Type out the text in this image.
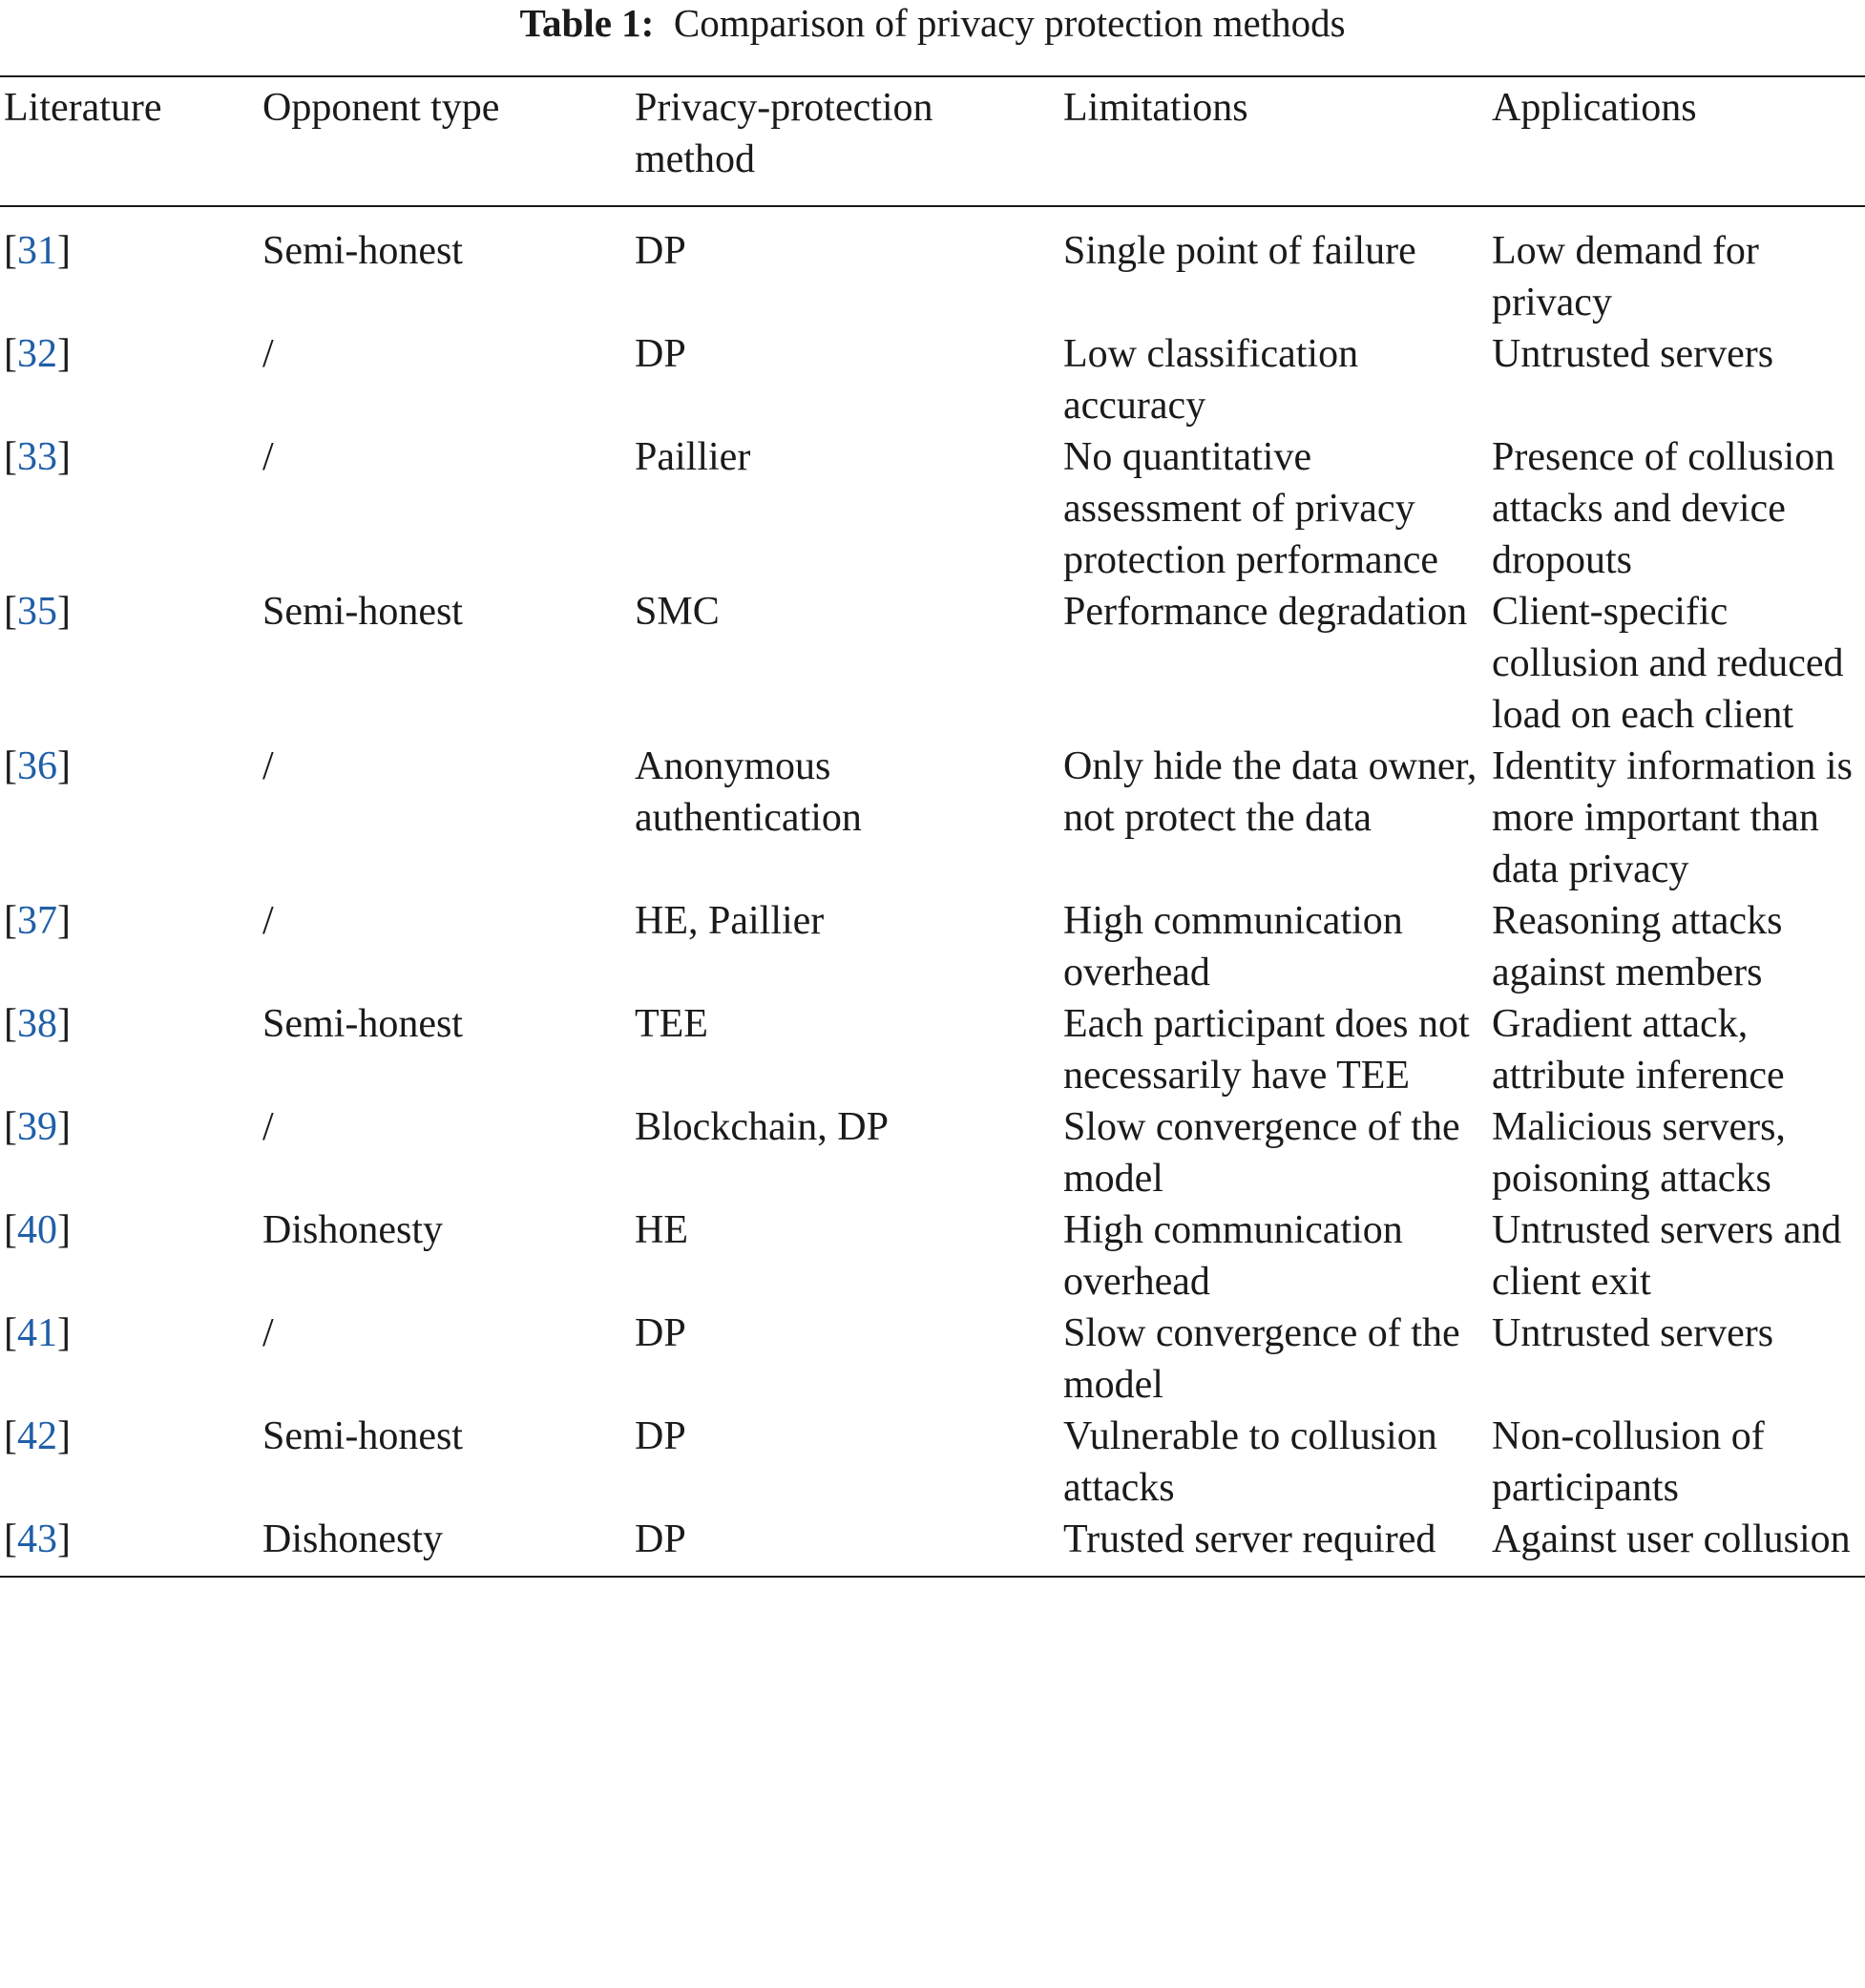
Table 1: Comparison of privacy protection methods
Literature	Opponent type	Privacy-protection method	Limitations	Applications
[31]	Semi-honest	DP	Single point of failure	Low demand for privacy
[32]	/	DP	Low classification accuracy	Untrusted servers
[33]	/	Paillier	No quantitative assessment of privacy protection performance	Presence of collusion attacks and device dropouts
[35]	Semi-honest	SMC	Performance degradation	Client-specific collusion and reduced load on each client
[36]	/	Anonymous authentication	Only hide the data owner, not protect the data	Identity information is more important than data privacy
[37]	/	HE, Paillier	High communication overhead	Reasoning attacks against members
[38]	Semi-honest	TEE	Each participant does not necessarily have TEE	Gradient attack, attribute inference
[39]	/	Blockchain, DP	Slow convergence of the model	Malicious servers, poisoning attacks
[40]	Dishonesty	HE	High communication overhead	Untrusted servers and client exit
[41]	/	DP	Slow convergence of the model	Untrusted servers
[42]	Semi-honest	DP	Vulnerable to collusion attacks	Non-collusion of participants
[43]	Dishonesty	DP	Trusted server required	Against user collusion
